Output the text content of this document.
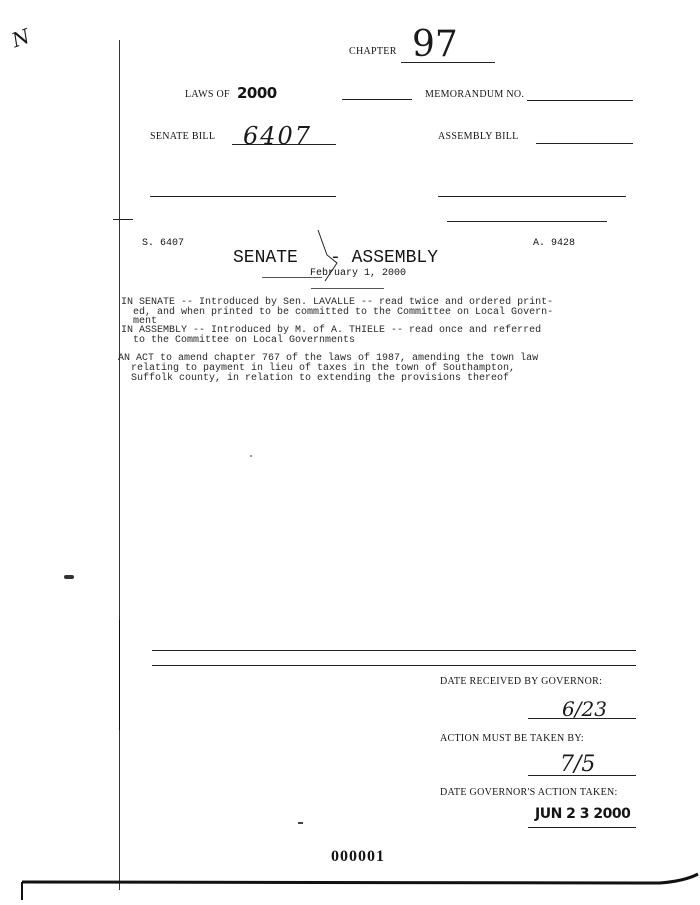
N	CHAPTER 97
LAWS OF 2000	MEMORANDUM NO.
SENATE BILL 6407	ASSEMBLY BILL
S. 6407	A. 9428
SENATE - ASSEMBLY
February 1, 2000
IN SENATE -- Introduced by Sen. LAVALLE -- read twice and ordered print-
ed, and when printed to be committed to the Committee on Local Govern-
ment
IN ASSEMBLY -- Introduced by M. of A. THIELE -- read once and referred
to the Committee on Local Governments
AN ACT to amend chapter 767 of the laws of 1987, amending the town law
relating to payment in lieu of taxes in the town of Southampton,
Suffolk county, in relation to extending the provisions thereof
DATE RECEIVED BY GOVERNOR:
6/23
ACTION MUST BE TAKEN BY:
7/5
DATE GOVERNOR'S ACTION TAKEN:
JUN 2 3 2000
000001
